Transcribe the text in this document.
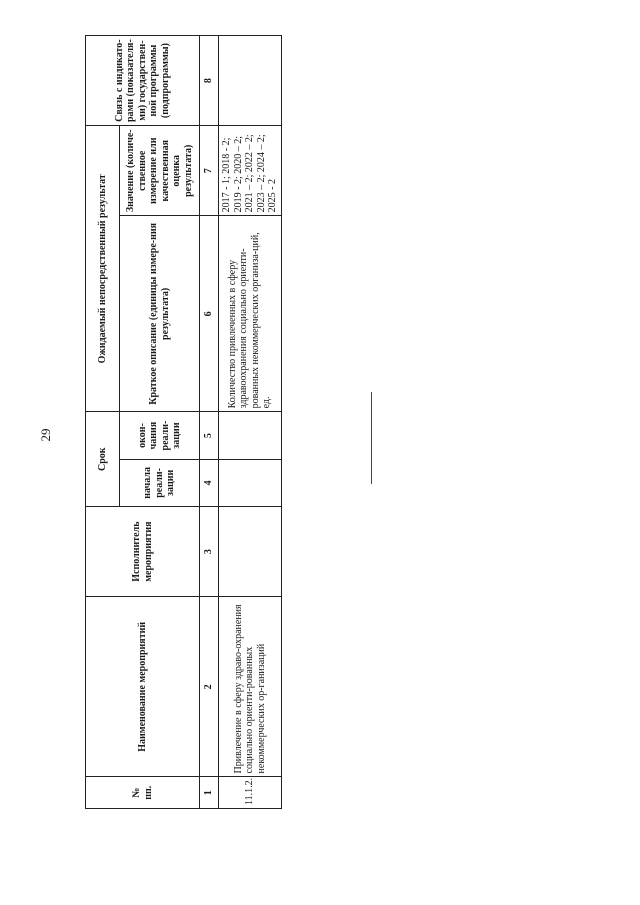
29
№ пп.	Наименование мероприятий	Исполнитель мероприятия	Срок		Ожидаемый непосредственный результат		Связь с индикато-рами (показателя-ми) государствен-ной программы (подпрограммы)
			начала реали-зации	окон-чания реали-зации	Краткое описание (единицы измере-ния результата)	Значение (количе-ственное измерение или качественная оценка результата)	
1	2	3	4	5	6	7	8
11.1.2.	Привлечение в сферу здраво-охранения социально ориенти-рованных некоммерческих ор-ганизаций				Количество привлеченных в сферу здравоохранения социально ориенти-рованных некоммерческих организа-ций, ед.	2017 - 1; 2018 - 2; 2019 - 2; 2020 – 2; 2021 – 2; 2022 – 2; 2023 – 2; 2024 – 2; 2025 - 2	
